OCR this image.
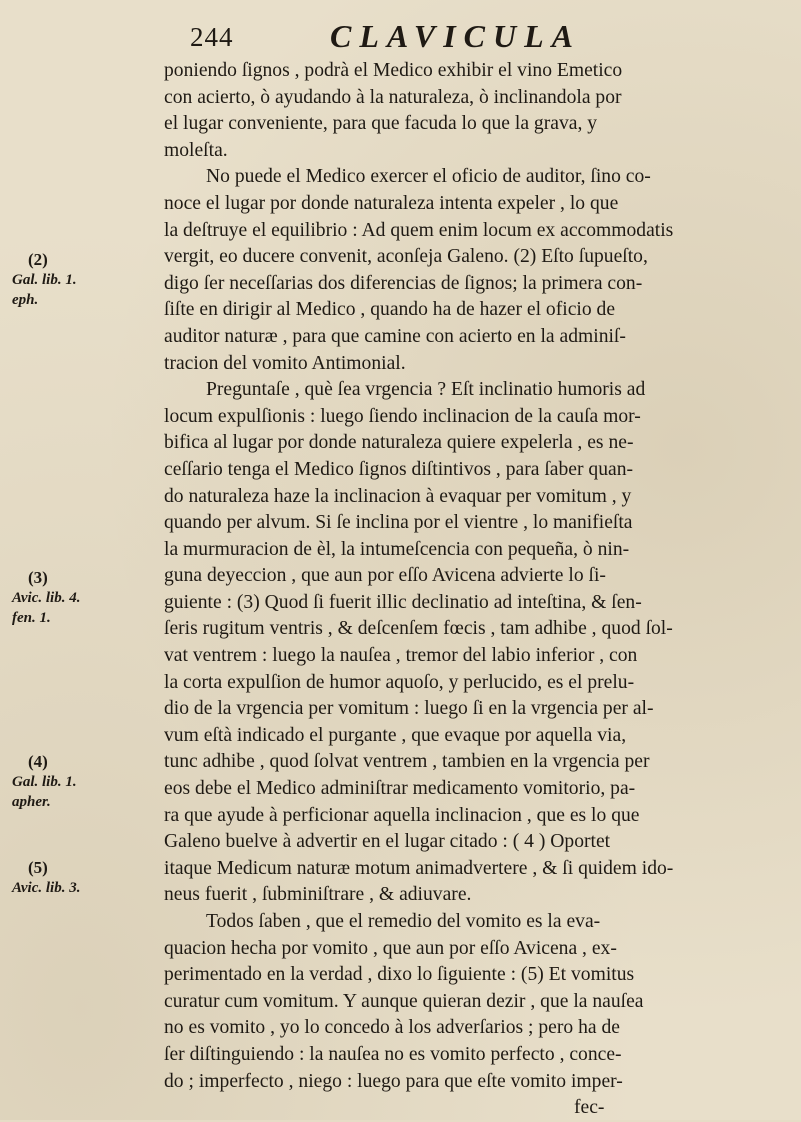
244	CLAVICULA
poniendo ſignos , podrà el Medico exhibir el vino Emetico
con acierto, ò ayudando à la naturaleza, ò inclinandola por
el lugar conveniente, para que facuda lo que la grava, y
moleſta.
No puede el Medico exercer el oficio de auditor, ſino co-
noce el lugar por donde naturaleza intenta expeler , lo que
la deſtruye el equilibrio : Ad quem enim locum ex accommodatis
vergit, eo ducere convenit, aconſeja Galeno. (2) Eſto ſupueſto,
digo ſer neceſſarias dos diferencias de ſignos; la primera con-
ſiſte en dirigir al Medico , quando ha de hazer el oficio de
auditor naturæ , para que camine con acierto en la adminiſ-
tracion del vomito Antimonial.
Preguntaſe , què ſea vrgencia ? Eſt inclinatio humoris ad
locum expulſionis : luego ſiendo inclinacion de la cauſa mor-
bifica al lugar por donde naturaleza quiere expelerla , es ne-
ceſſario tenga el Medico ſignos diſtintivos , para ſaber quan-
do naturaleza haze la inclinacion à evaquar per vomitum , y
quando per alvum. Si ſe inclina por el vientre , lo manifieſta
la murmuracion de èl, la intumeſcencia con pequeña, ò nin-
guna deyeccion , que aun por eſſo Avicena advierte lo ſi-
guiente : (3) Quod ſi fuerit illic declinatio ad inteſtina, & ſen-
ſeris rugitum ventris , & deſcenſem fœcis , tam adhibe , quod ſol-
vat ventrem : luego la nauſea , tremor del labio inferior , con
la corta expulſion de humor aquoſo, y perlucido, es el prelu-
dio de la vrgencia per vomitum : luego ſi en la vrgencia per al-
vum eſtà indicado el purgante , que evaque por aquella via,
tunc adhibe , quod ſolvat ventrem , tambien en la vrgencia per
eos debe el Medico adminiſtrar medicamento vomitorio, pa-
ra que ayude à perficionar aquella inclinacion , que es lo que
Galeno buelve à advertir en el lugar citado : ( 4 ) Oportet
itaque Medicum naturæ motum animadvertere , & ſi quidem ido-
neus fuerit , ſubminiſtrare , & adiuvare.
Todos ſaben , que el remedio del vomito es la eva-
quacion hecha por vomito , que aun por eſſo Avicena , ex-
perimentado en la verdad , dixo lo ſiguiente : (5) Et vomitus
curatur cum vomitum. Y aunque quieran dezir , que la nauſea
no es vomito , yo lo concedo à los adverſarios ; pero ha de
ſer diſtinguiendo : la nauſea no es vomito perfecto , conce-
do ; imperfecto , niego : luego para que eſte vomito imper-
fec-
(2)
Gal. lib. 1.
eph.
(3)
Avic. lib. 4.
fen. 1.
(4)
Gal. lib. 1.
apher.
(5)
Avic. lib. 3.
